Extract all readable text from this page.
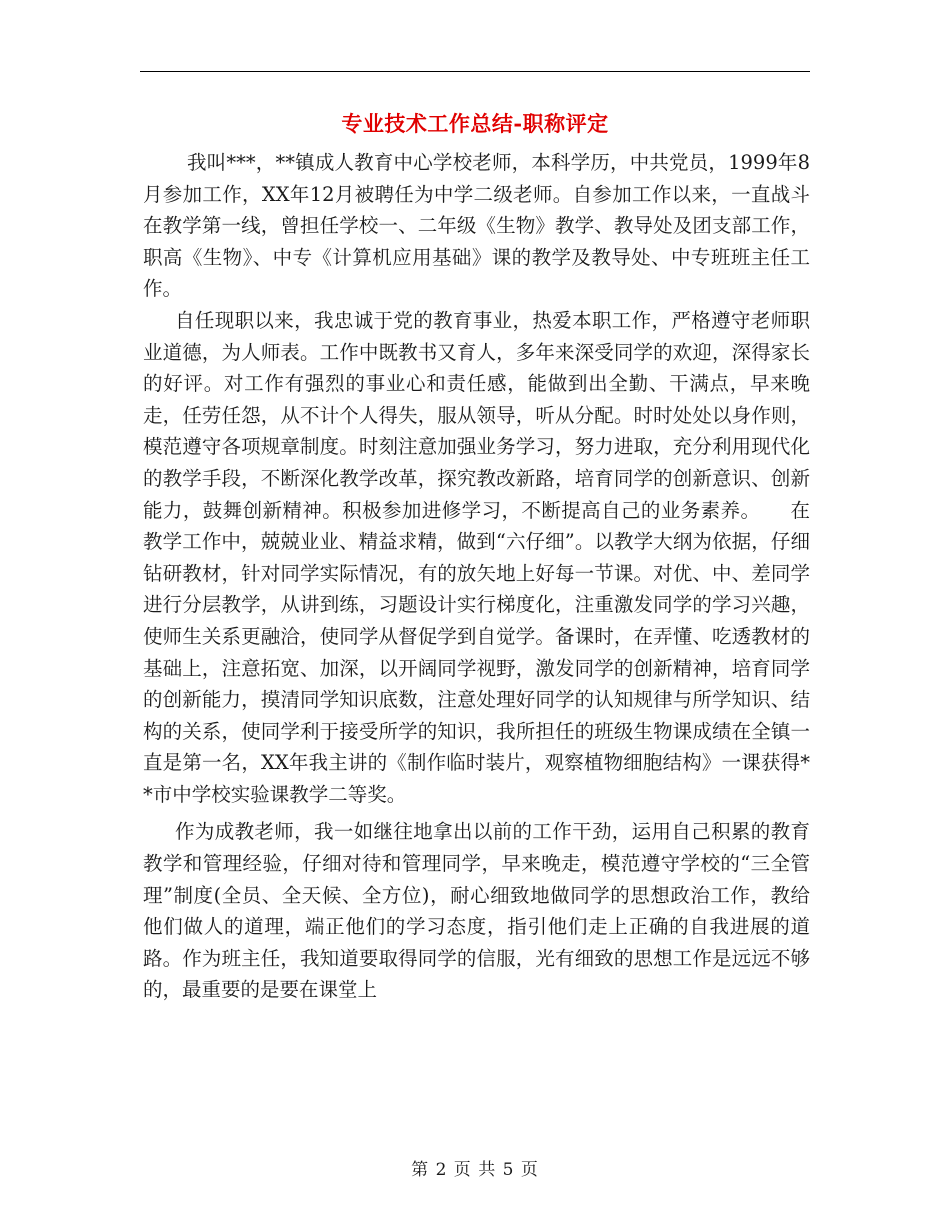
专业技术工作总结-职称评定

我叫***，**镇成人教育中心学校老师，本科学历，中共党员，1999年8月参加工作，XX年12月被聘任为中学二级老师。自参加工作以来，一直战斗在教学第一线，曾担任学校一、二年级《生物》教学、教导处及团支部工作，职高《生物》、中专《计算机应用基础》课的教学及教导处、中专班班主任工作。

自任现职以来，我忠诚于党的教育事业，热爱本职工作，严格遵守老师职业道德，为人师表。工作中既教书又育人，多年来深受同学的欢迎，深得家长的好评。对工作有强烈的事业心和责任感，能做到出全勤、干满点，早来晚走，任劳任怨，从不计个人得失，服从领导，听从分配。时时处处以身作则，模范遵守各项规章制度。时刻注意加强业务学习，努力进取，充分利用现代化的教学手段，不断深化教学改革，探究教改新路，培育同学的创新意识、创新能力，鼓舞创新精神。积极参加进修学习，不断提高自己的业务素养。　　在教学工作中，兢兢业业、精益求精，做到“六仔细”。以教学大纲为依据，仔细钻研教材，针对同学实际情况，有的放矢地上好每一节课。对优、中、差同学进行分层教学，从讲到练，习题设计实行梯度化，注重激发同学的学习兴趣，使师生关系更融洽，使同学从督促学到自觉学。备课时，在弄懂、吃透教材的基础上，注意拓宽、加深，以开阔同学视野，激发同学的创新精神，培育同学的创新能力，摸清同学知识底数，注意处理好同学的认知规律与所学知识、结构的关系，使同学利于接受所学的知识，我所担任的班级生物课成绩在全镇一直是第一名，XX年我主讲的《制作临时装片，观察植物细胞结构》一课获得**市中学校实验课教学二等奖。

作为成教老师，我一如继往地拿出以前的工作干劲，运用自己积累的教育教学和管理经验，仔细对待和管理同学，早来晚走，模范遵守学校的“三全管理”制度(全员、全天候、全方位)，耐心细致地做同学的思想政治工作，教给他们做人的道理，端正他们的学习态度，指引他们走上正确的自我进展的道路。作为班主任，我知道要取得同学的信服，光有细致的思想工作是远远不够的，最重要的是要在课堂上

第 2 页 共 5 页
